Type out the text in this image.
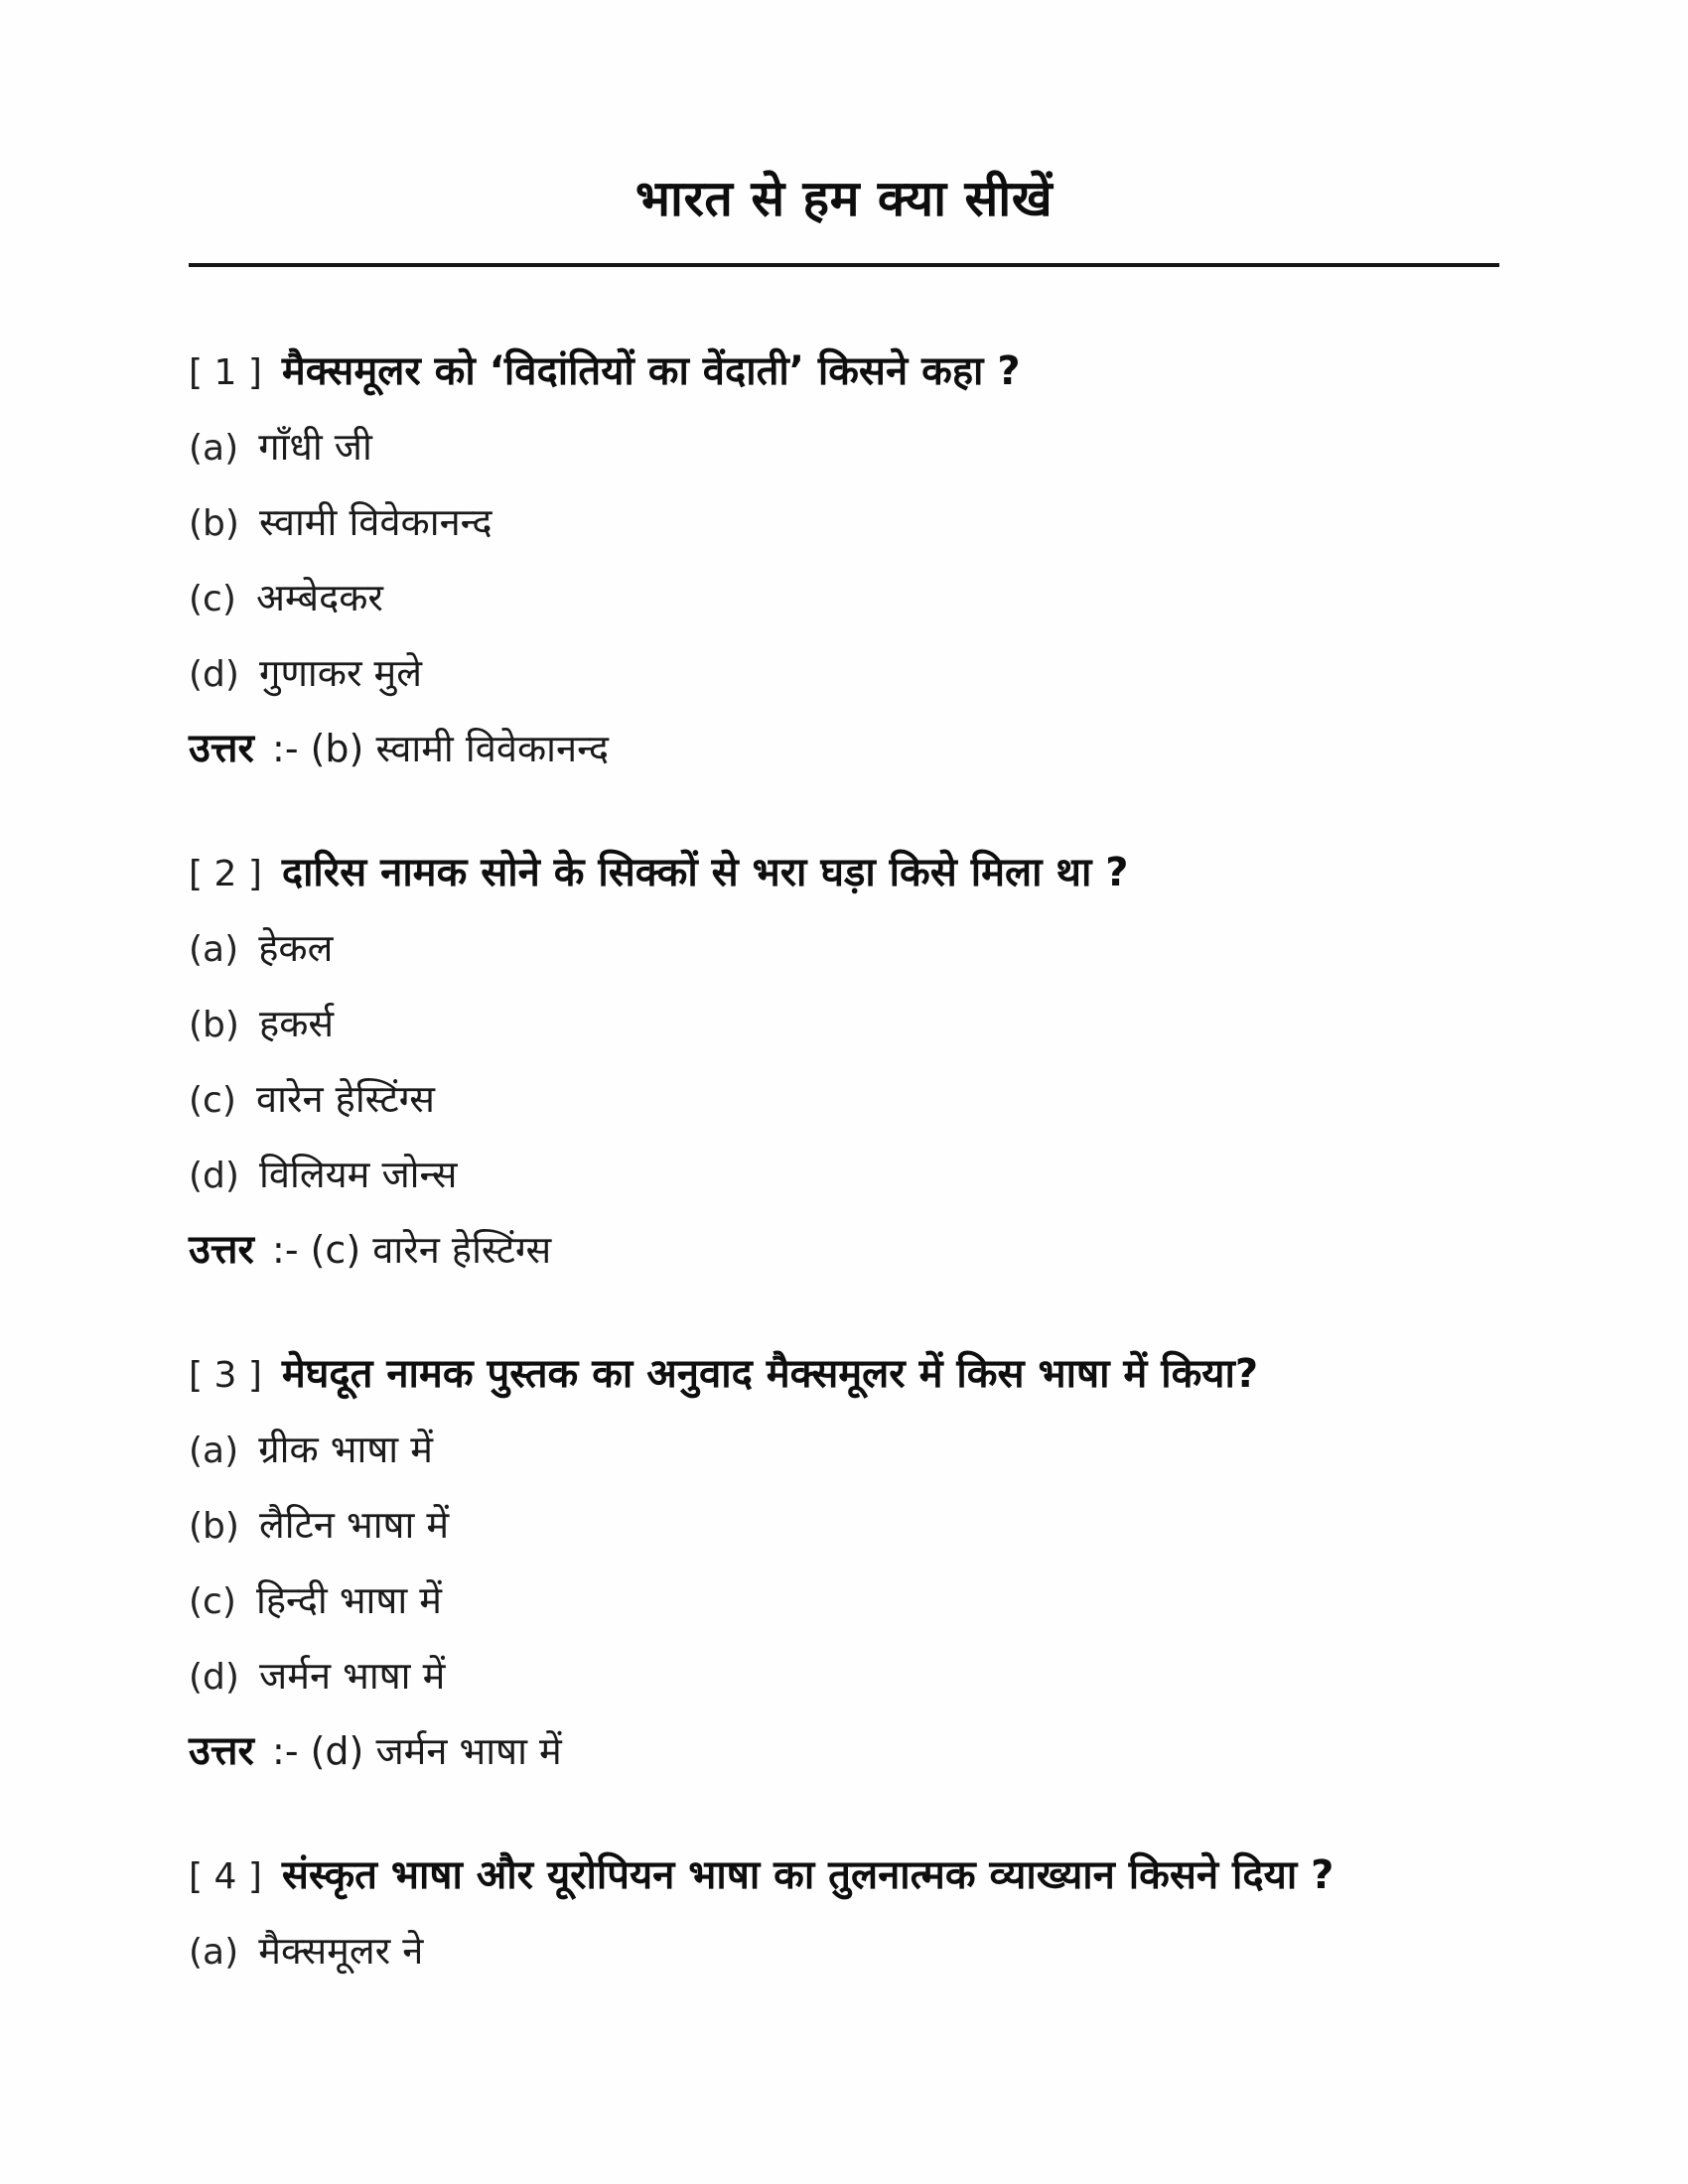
भारत से हम क्या सीखें
[ 1 ] मैक्समूलर को ‘विदांतियों का वेंदाती’ किसने कहा ?

(a) गाँधी जी

(b) स्वामी विवेकानन्द

(c) अम्बेदकर

(d) गुणाकर मुले

उत्तर :- (b) स्वामी विवेकानन्द

[ 2 ] दारिस नामक सोने के सिक्कों से भरा घड़ा किसे मिला था ?

(a) हेकल

(b) हकर्स

(c) वारेन हेस्टिंग्स

(d) विलियम जोन्स

उत्तर :- (c) वारेन हेस्टिंग्स

[ 3 ] मेघदूत नामक पुस्तक का अनुवाद मैक्समूलर में किस भाषा में किया?

(a) ग्रीक भाषा में

(b) लैटिन भाषा में

(c) हिन्दी भाषा में

(d) जर्मन भाषा में

उत्तर :- (d) जर्मन भाषा में

[ 4 ] संस्कृत भाषा और यूरोपियन भाषा का तुलनात्मक व्याख्यान किसने दिया ?

(a) मैक्समूलर ने
